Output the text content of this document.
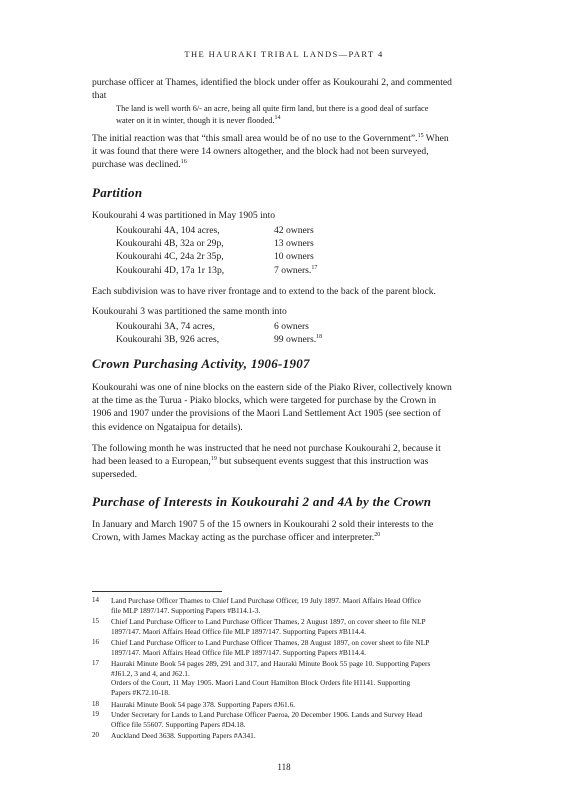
THE HAURAKI TRIBAL LANDS—PART 4

purchase officer at Thames, identified the block under offer as Koukourahi 2, and commented
that

The land is well worth 6/- an acre, being all quite firm land, but there is a good deal of surface
water on it in winter, though it is never flooded.$^{14}$

The initial reaction was that “this small area would be of no use to the Government”.$^{15}$ When
it was found that there were 14 owners altogether, and the block had not been surveyed,
purchase was declined.$^{16}$

Partition

Koukourahi 4 was partitioned in May 1905 into

Koukourahi 4A, 104 acres,	42 owners
Koukourahi 4B, 32a or 29p,	13 owners
Koukourahi 4C, 24a 2r 35p,	10 owners
Koukourahi 4D, 17a 1r 13p,	7 owners.$^{17}$

Each subdivision was to have river frontage and to extend to the back of the parent block.

Koukourahi 3 was partitioned the same month into

Koukourahi 3A, 74 acres,	6 owners
Koukourahi 3B, 926 acres,	99 owners.$^{18}$
Crown Purchasing Activity, 1906-1907

Koukourahi was one of nine blocks on the eastern side of the Piako River, collectively known
at the time as the Turua - Piako blocks, which were targeted for purchase by the Crown in
1906 and 1907 under the provisions of the Maori Land Settlement Act 1905 (see section of
this evidence on Ngataipua for details).

The following month he was instructed that he need not purchase Koukourahi 2, because it
had been leased to a European,$^{19}$ but subsequent events suggest that this instruction was
superseded.

Purchase of Interests in Koukourahi 2 and 4A by the Crown

In January and March 1907 5 of the 15 owners in Koukourahi 2 sold their interests to the
Crown, with James Mackay acting as the purchase officer and interpreter.$^{20}$

14 Land Purchase Officer Thames to Chief Land Purchase Officer, 19 July 1897. Maori Affairs Head Office
file MLP 1897/147. Supporting Papers #B114.1-3.
15 Chief Land Purchase Officer to Land Purchase Officer Thames, 2 August 1897, on cover sheet to file NLP
1897/147. Maori Affairs Head Office file MLP 1897/147. Supporting Papers #B114.4.
16 Chief Land Purchase Officer to Land Purchase Officer Thames, 28 August 1897, on cover sheet to file NLP
1897/147. Maori Affairs Head Office file MLP 1897/147. Supporting Papers #B114.4.
17 Hauraki Minute Book 54 pages 289, 291 and 317, and Hauraki Minute Book 55 page 10. Supporting Papers
#J61.2, 3 and 4, and J62.1.
Orders of the Court, 11 May 1905. Maori Land Court Hamilton Block Orders file H1141. Supporting
Papers #K72.10-18.
18 Hauraki Minute Book 54 page 378. Supporting Papers #J61.6.
19 Under Secretary for Lands to Land Purchase Officer Paeroa, 20 December 1906. Lands and Survey Head
Office file 55607. Supporting Papers #D4.18.
20 Auckland Deed 3638. Supporting Papers #A341.
118
